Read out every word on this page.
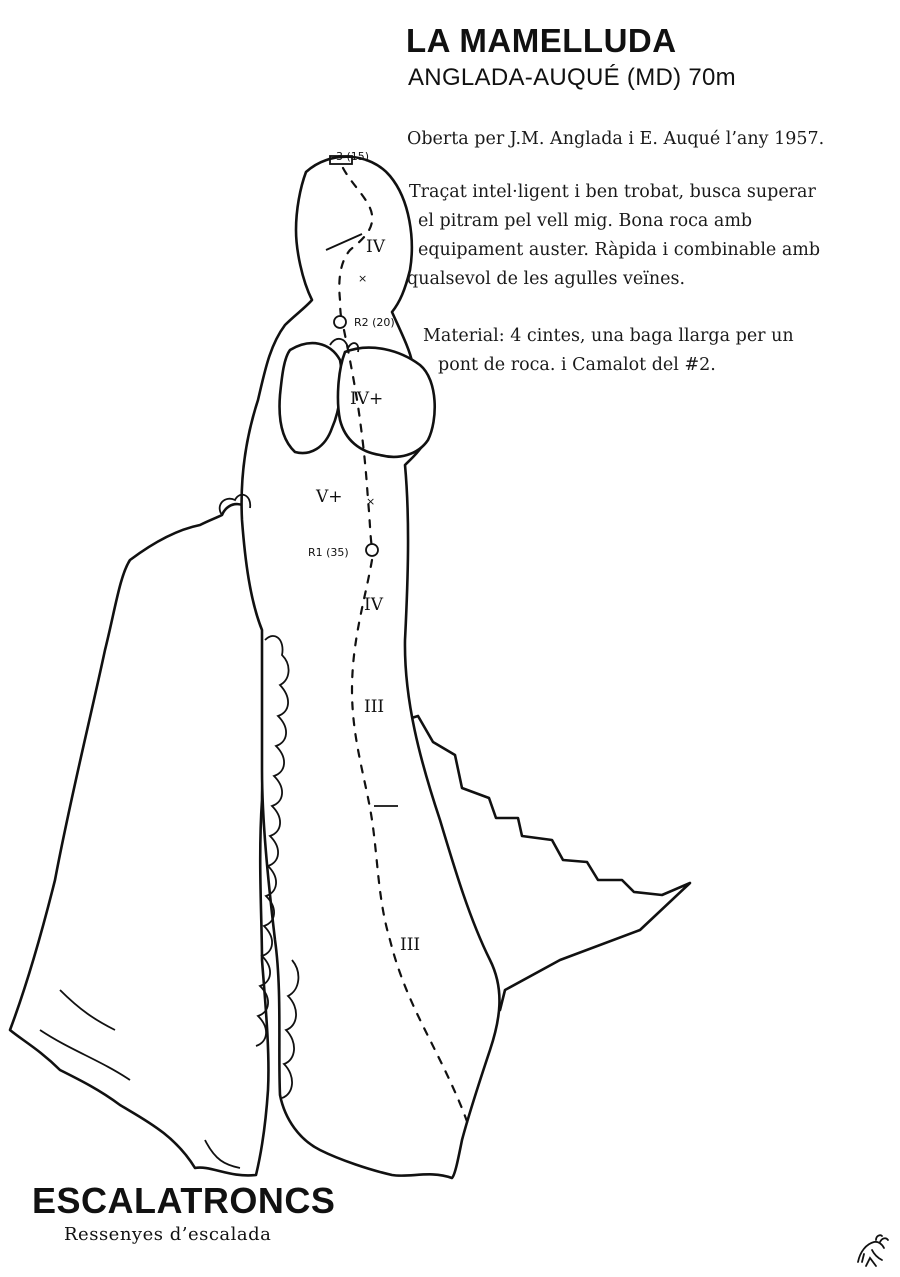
×
×
3 (15)
R2 (20)
R1 (35)
IV
IV+
V+
IV
III
III
LA MAMELLUDA
ANGLADA-AUQUÉ (MD) 70m
Oberta per J.M. Anglada i E. Auqué l’any 1957.
Traçat intel·ligent i ben trobat, busca superar
el pitram pel vell mig. Bona roca amb
equipament auster. Ràpida i combinable amb
qualsevol de les agulles veïnes.
Material: 4 cintes, una baga llarga per un
pont de roca. i Camalot del #2.
ESCALATRONCS
Ressenyes d’escalada
